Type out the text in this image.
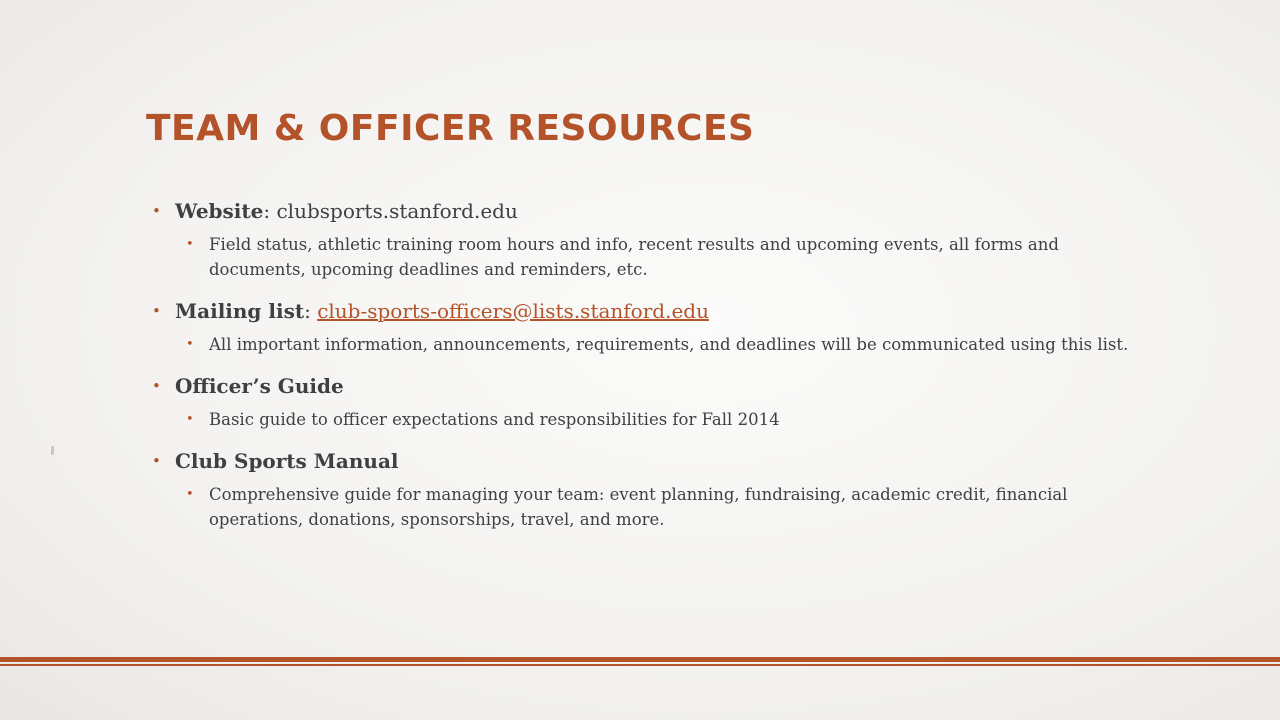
TEAM & OFFICER RESOURCES
• Website: clubsports.stanford.edu
• Field status, athletic training room hours and info, recent results and upcoming events, all forms and documents, upcoming deadlines and reminders, etc.
• Mailing list: club-sports-officers@lists.stanford.edu
• All important information, announcements, requirements, and deadlines will be communicated using this list.
• Officer’s Guide
• Basic guide to officer expectations and responsibilities for Fall 2014
• Club Sports Manual
• Comprehensive guide for managing your team: event planning, fundraising, academic credit, financial operations, donations, sponsorships, travel, and more.
